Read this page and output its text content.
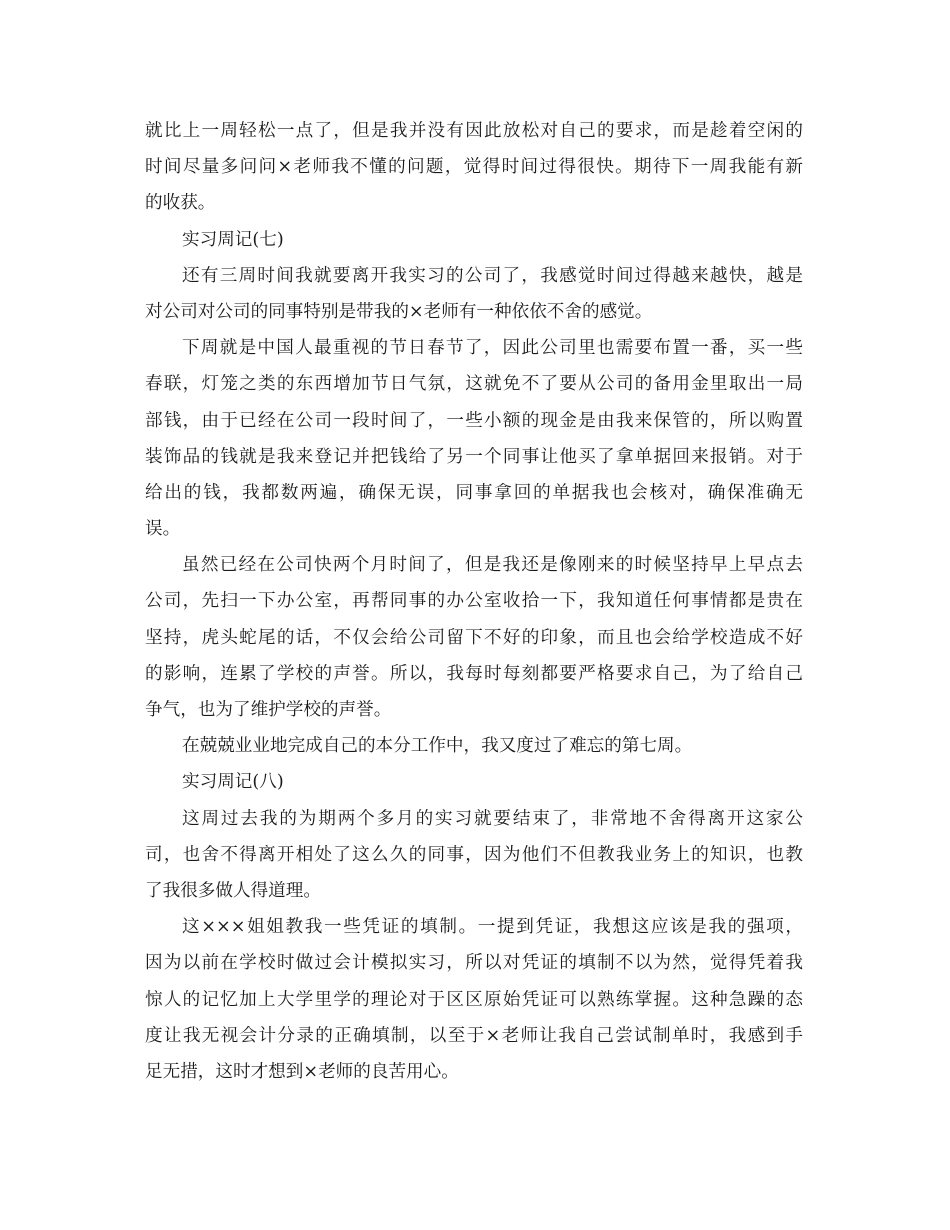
就比上一周轻松一点了，但是我并没有因此放松对自己的要求，而是趁着空闲的
时间尽量多问问×老师我不懂的问题，觉得时间过得很快。期待下一周我能有新
的收获。
实习周记(七)
还有三周时间我就要离开我实习的公司了，我感觉时间过得越来越快，越是
对公司对公司的同事特别是带我的×老师有一种依依不舍的感觉。
下周就是中国人最重视的节日春节了，因此公司里也需要布置一番，买一些
春联，灯笼之类的东西增加节日气氛，这就免不了要从公司的备用金里取出一局
部钱，由于已经在公司一段时间了，一些小额的现金是由我来保管的，所以购置
装饰品的钱就是我来登记并把钱给了另一个同事让他买了拿单据回来报销。对于
给出的钱，我都数两遍，确保无误，同事拿回的单据我也会核对，确保准确无
误。
虽然已经在公司快两个月时间了，但是我还是像刚来的时候坚持早上早点去
公司，先扫一下办公室，再帮同事的办公室收拾一下，我知道任何事情都是贵在
坚持，虎头蛇尾的话，不仅会给公司留下不好的印象，而且也会给学校造成不好
的影响，连累了学校的声誉。所以，我每时每刻都要严格要求自己，为了给自己
争气，也为了维护学校的声誉。
在兢兢业业地完成自己的本分工作中，我又度过了难忘的第七周。
实习周记(八)
这周过去我的为期两个多月的实习就要结束了，非常地不舍得离开这家公
司，也舍不得离开相处了这么久的同事，因为他们不但教我业务上的知识，也教
了我很多做人得道理。
这×××姐姐教我一些凭证的填制。一提到凭证，我想这应该是我的强项，
因为以前在学校时做过会计模拟实习，所以对凭证的填制不以为然，觉得凭着我
惊人的记忆加上大学里学的理论对于区区原始凭证可以熟练掌握。这种急躁的态
度让我无视会计分录的正确填制，以至于×老师让我自己尝试制单时，我感到手
足无措，这时才想到×老师的良苦用心。
